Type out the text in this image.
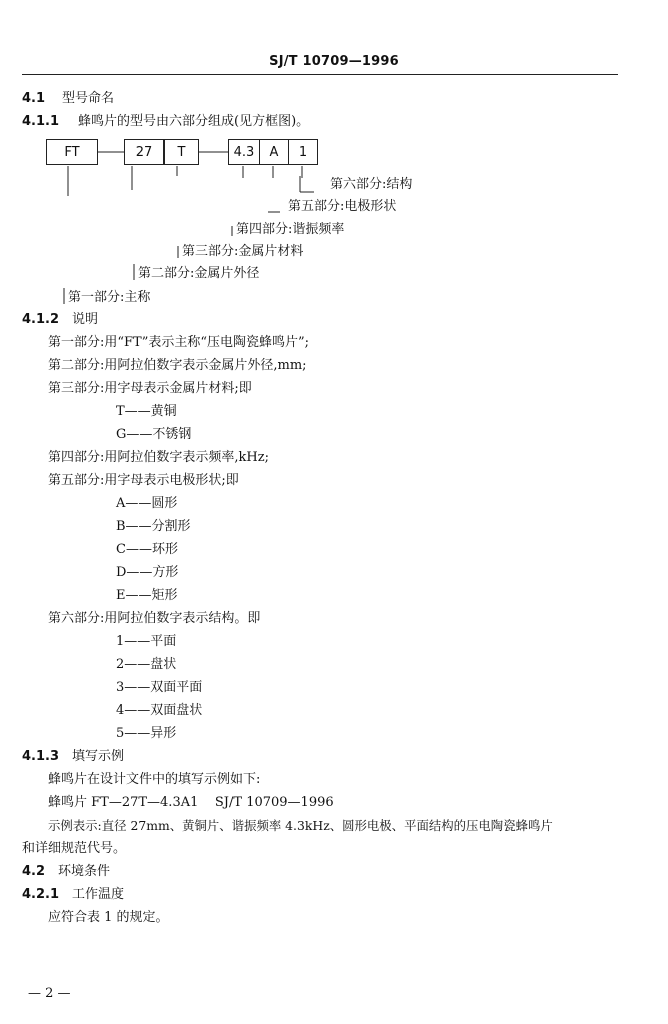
SJ/T 10709—1996
4.1 型号命名
4.1.1 蜂鸣片的型号由六部分组成(见方框图)。
FT	27	T	4.3	A	1
第六部分:结构
第五部分:电极形状
第四部分:谐振频率
第三部分:金属片材料
第二部分:金属片外径
第一部分:主称
4.1.2 说明
第一部分:用“FT”表示主称“压电陶瓷蜂鸣片”;
第二部分:用阿拉伯数字表示金属片外径,mm;
第三部分:用字母表示金属片材料;即
T——黄铜
G——不锈钢
第四部分:用阿拉伯数字表示频率,kHz;
第五部分:用字母表示电极形状;即
A——圆形
B——分割形
C——环形
D——方形
E——矩形
第六部分:用阿拉伯数字表示结构。即
1——平面
2——盘状
3——双面平面
4——双面盘状
5——异形
4.1.3 填写示例
蜂鸣片在设计文件中的填写示例如下:
蜂鸣片 FT—27T—4.3A1    SJ/T 10709—1996
示例表示:直径 27mm、黄铜片、谐振频率 4.3kHz、圆形电极、平面结构的压电陶瓷蜂鸣片
和详细规范代号。
4.2 环境条件
4.2.1 工作温度
应符合表 1 的规定。
— 2 —
